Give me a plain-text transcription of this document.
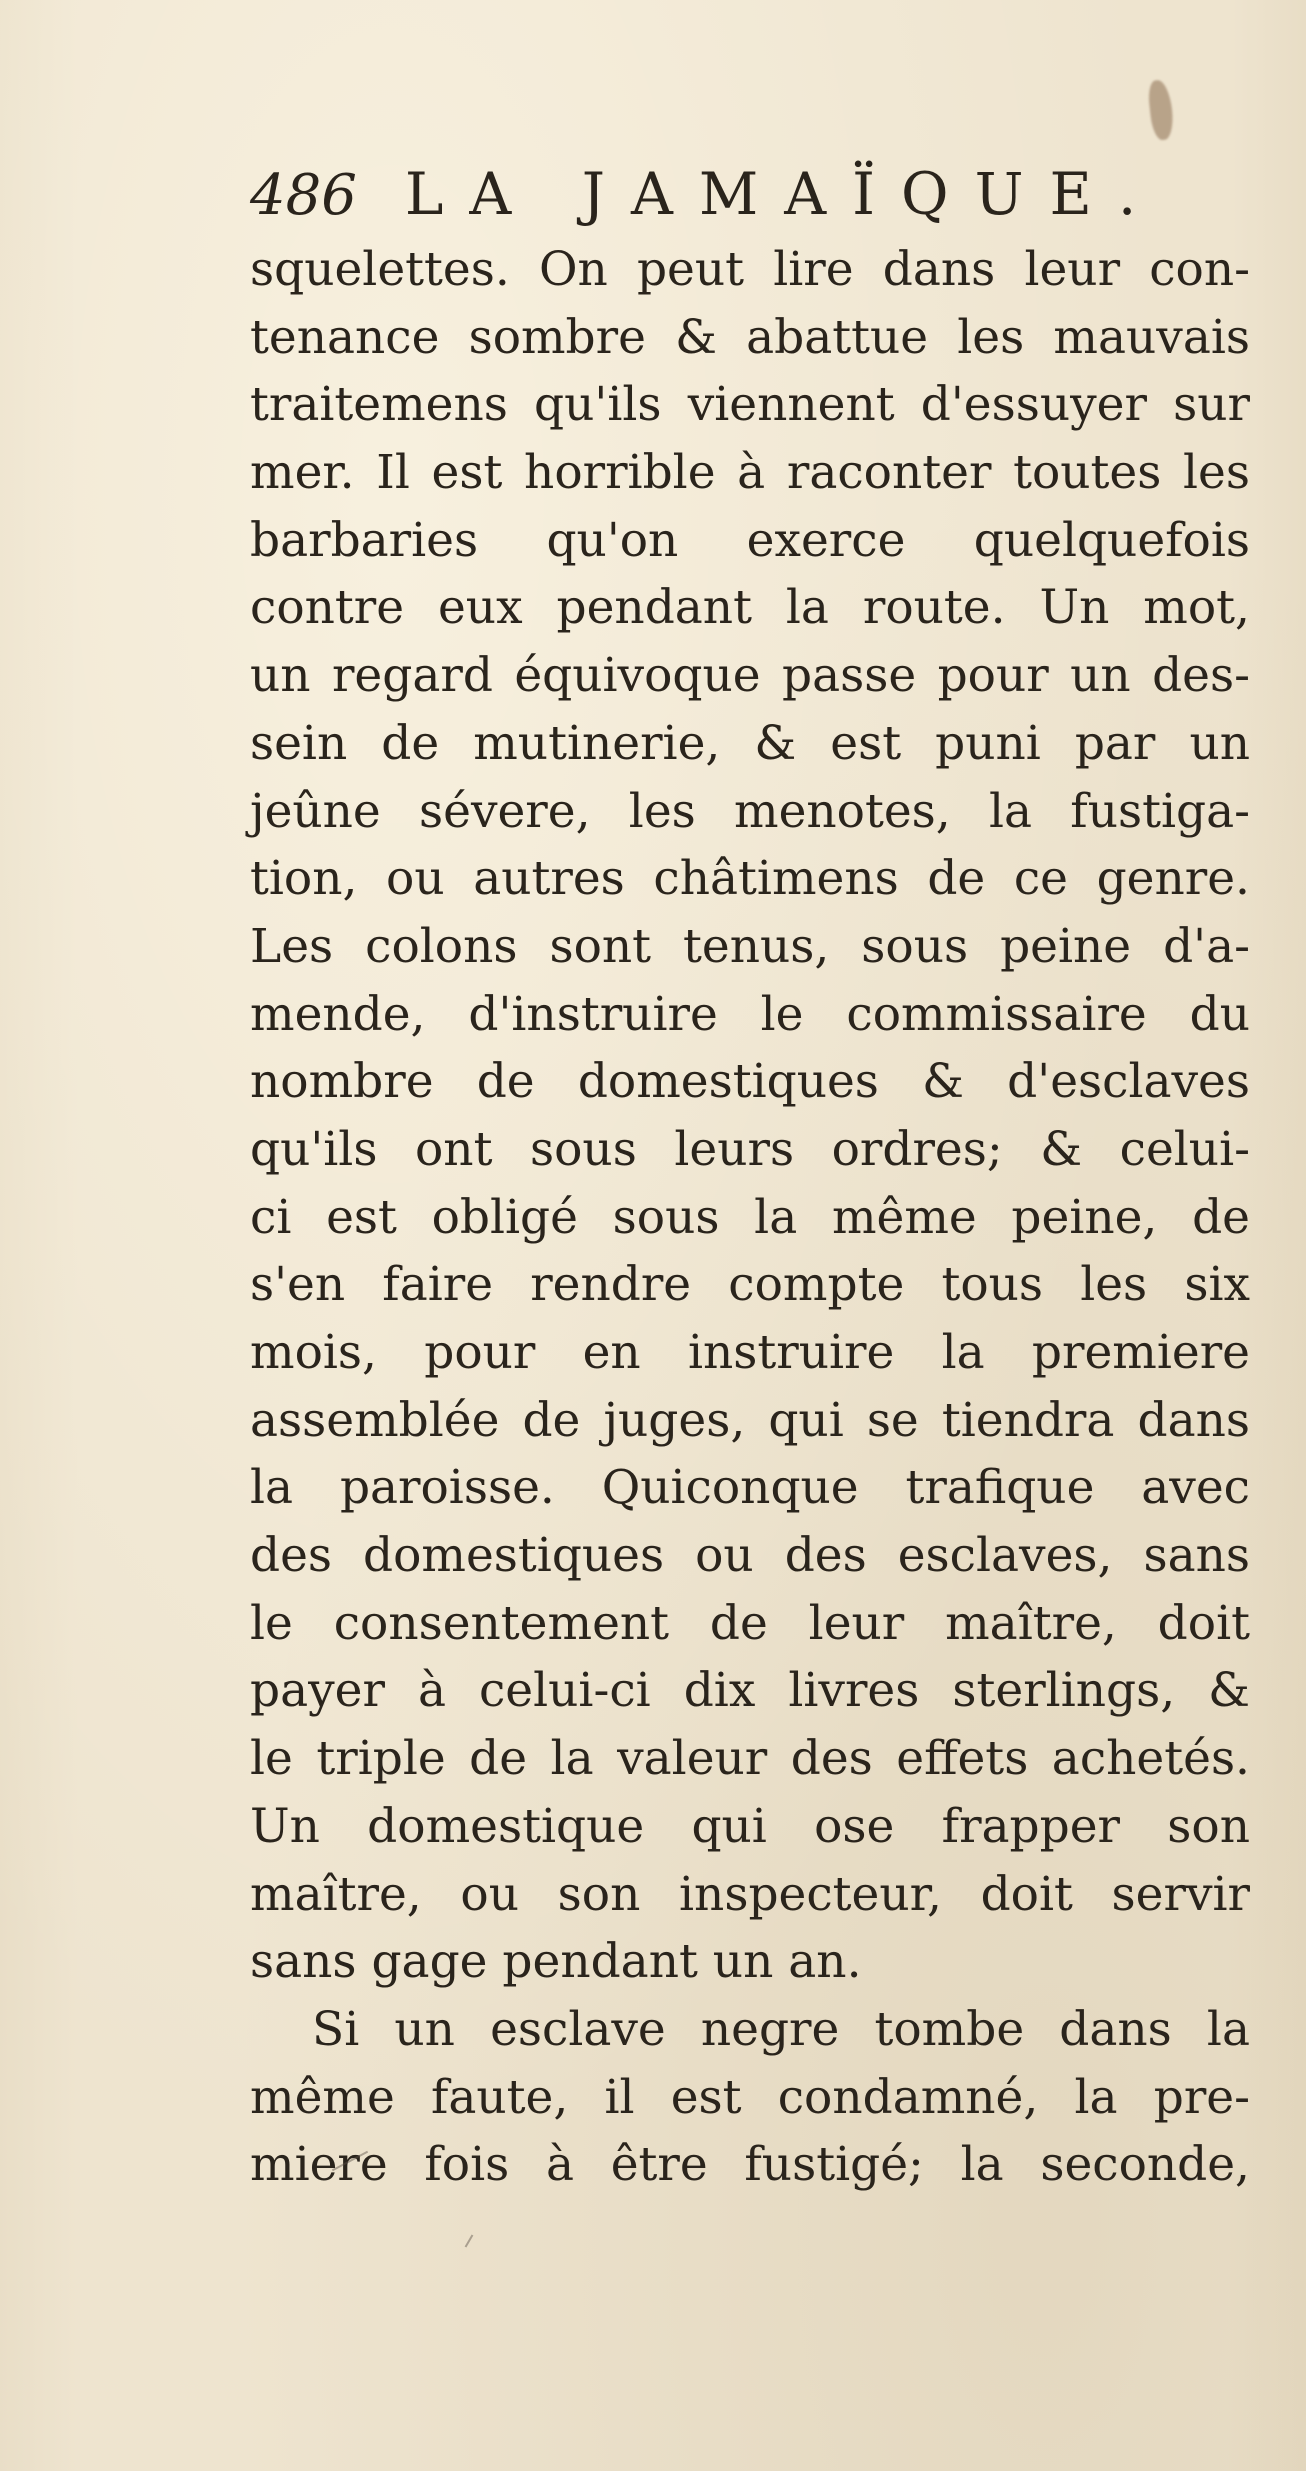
486 LA JAMAÏQUE.
squelettes. On peut lire dans leur con-
tenance sombre & abattue les mauvais
traitemens qu'ils viennent d'essuyer sur
mer. Il est horrible à raconter toutes les
barbaries qu'on exerce quelquefois
contre eux pendant la route. Un mot,
un regard équivoque passe pour un des-
sein de mutinerie, & est puni par un
jeûne sévere, les menotes, la fustiga-
tion, ou autres châtimens de ce genre.
Les colons sont tenus, sous peine d'a-
mende, d'instruire le commissaire du
nombre de domestiques & d'esclaves
qu'ils ont sous leurs ordres; & celui-
ci est obligé sous la même peine, de
s'en faire rendre compte tous les six
mois, pour en instruire la premiere
assemblée de juges, qui se tiendra dans
la paroisse. Quiconque trafique avec
des domestiques ou des esclaves, sans
le consentement de leur maître, doit
payer à celui-ci dix livres sterlings, &
le triple de la valeur des effets achetés.
Un domestique qui ose frapper son
maître, ou son inspecteur, doit servir
sans gage pendant un an.
Si un esclave negre tombe dans la
même faute, il est condamné, la pre-
miere fois à être fustigé; la seconde,
